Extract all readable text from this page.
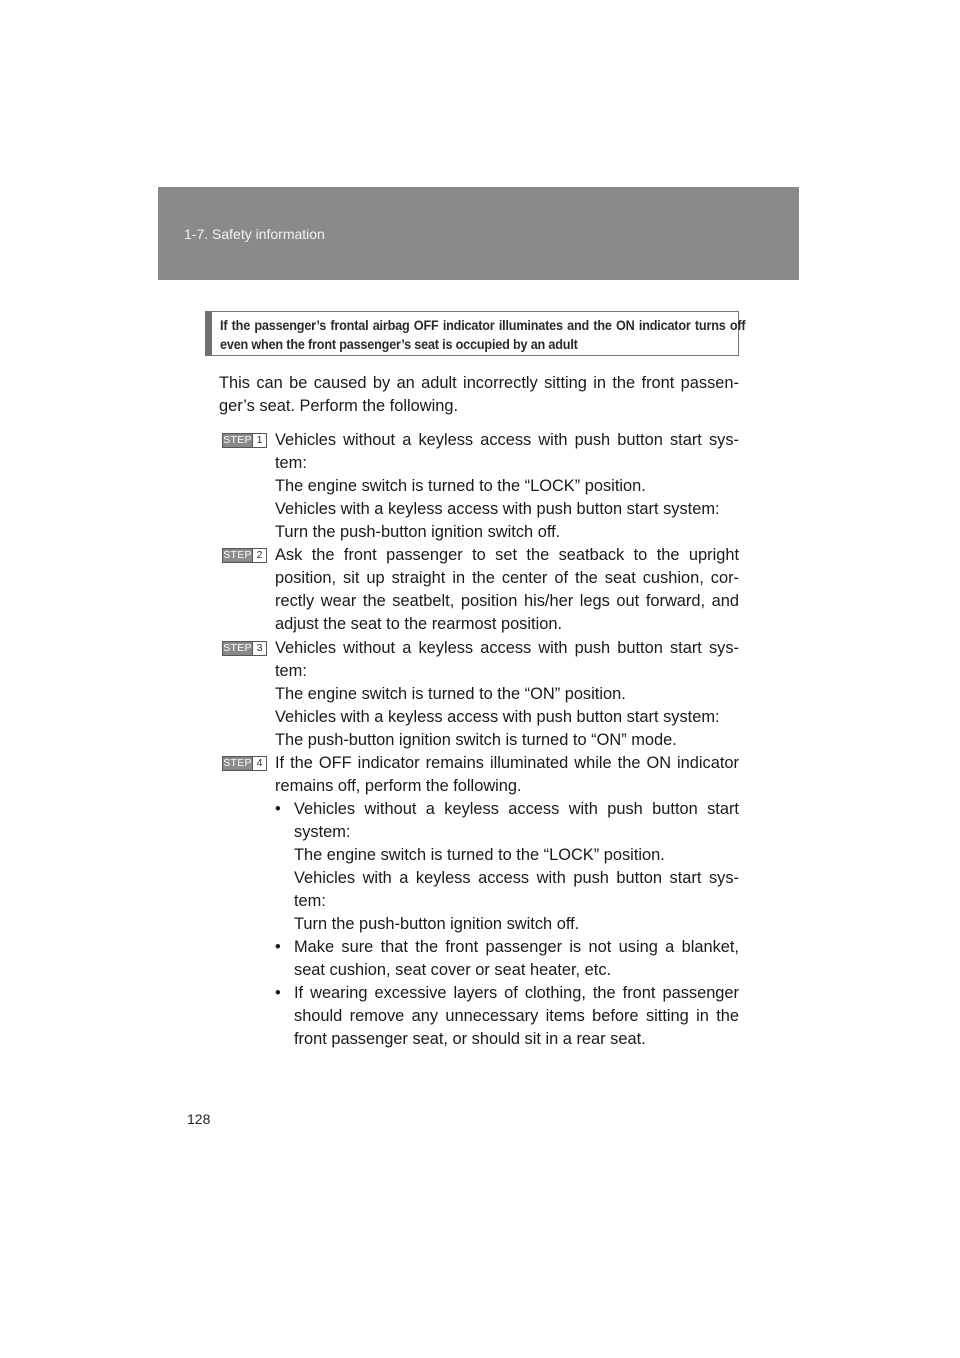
1-7. Safety information
If the passenger’s frontal airbag OFF indicator illuminates and the ON indicator turns off even when the front passenger’s seat is occupied by an adult
This can be caused by an adult incorrectly sitting in the front passen-
ger’s seat. Perform the following.
STEP 1 Vehicles without a keyless access with push button start sys-
tem:
The engine switch is turned to the “LOCK” position.
Vehicles with a keyless access with push button start system:
Turn the push-button ignition switch off.
STEP 2 Ask the front passenger to set the seatback to the upright
position, sit up straight in the center of the seat cushion, cor-
rectly wear the seatbelt, position his/her legs out forward, and
adjust the seat to the rearmost position.
STEP 3 Vehicles without a keyless access with push button start sys-
tem:
The engine switch is turned to the “ON” position.
Vehicles with a keyless access with push button start system:
The push-button ignition switch is turned to “ON” mode.
STEP 4 If the OFF indicator remains illuminated while the ON indicator
remains off, perform the following.
• Vehicles without a keyless access with push button start
system:
The engine switch is turned to the “LOCK” position.
Vehicles with a keyless access with push button start sys-
tem:
Turn the push-button ignition switch off.
• Make sure that the front passenger is not using a blanket,
seat cushion, seat cover or seat heater, etc.
• If wearing excessive layers of clothing, the front passenger
should remove any unnecessary items before sitting in the
front passenger seat, or should sit in a rear seat.
128
